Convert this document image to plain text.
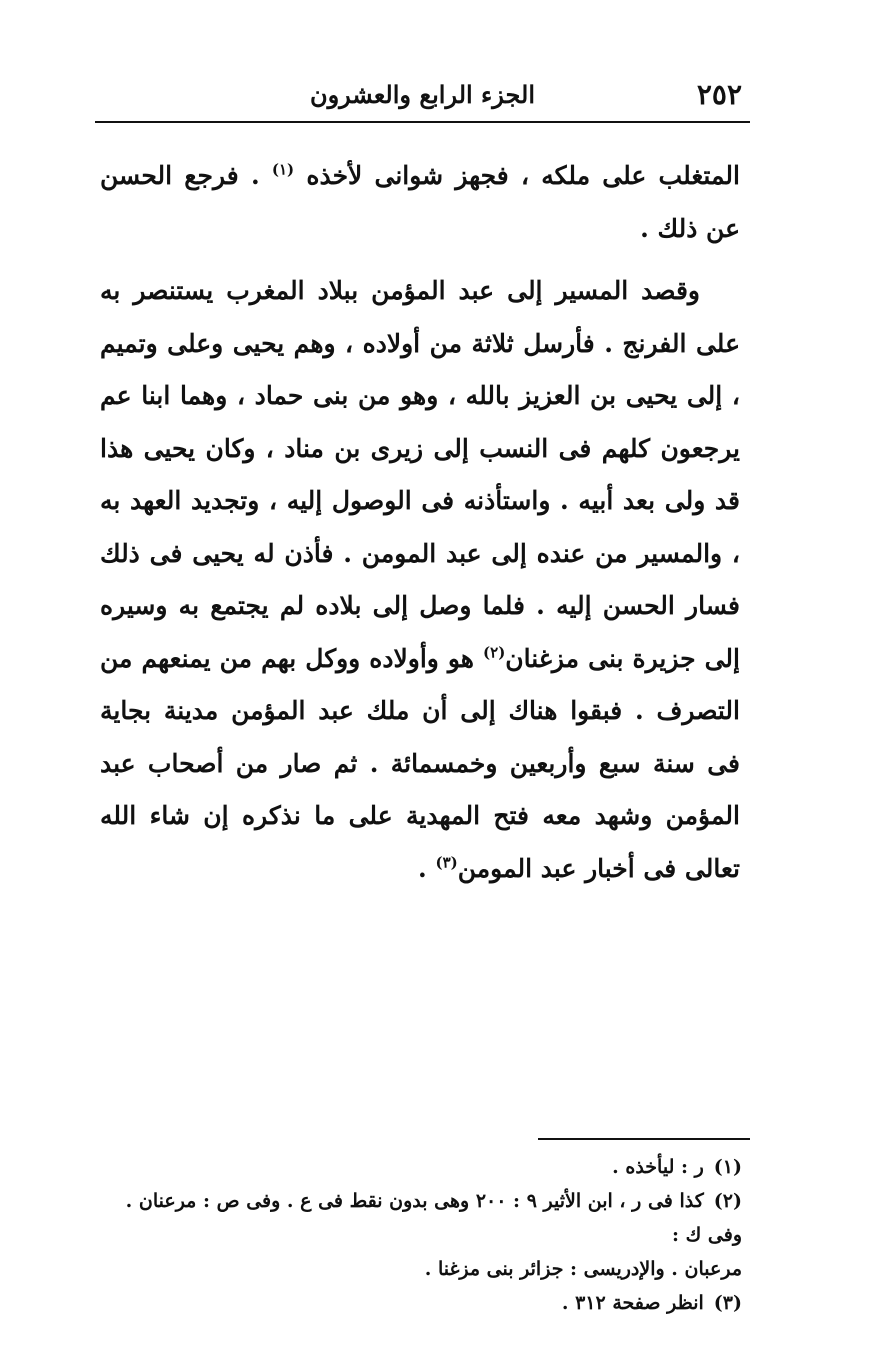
٢٥٢
الجزء الرابع والعشرون

المتغلب على ملكه ، فجهز شوانى لأخذه $^{(١)}$ . فرجع الحسن عن ذلك .

وقصد المسير إلى عبد المؤمن ببلاد المغرب يستنصر به على الفرنج . فأرسل ثلاثة من أولاده ، وهم يحيى وعلى وتميم ، إلى يحيى بن العزيز بالله ، وهو من بنى حماد ، وهما ابنا عم يرجعون كلهم فى النسب إلى زيرى بن مناد ، وكان يحيى هذا قد ولى بعد أبيه . واستأذنه فى الوصول إليه ، وتجديد العهد به ، والمسير من عنده إلى عبد المومن . فأذن له يحيى فى ذلك فسار الحسن إليه . فلما وصل إلى بلاده لم يجتمع به وسيره إلى جزيرة بنى مزغنان$^{(٢)}$ هو وأولاده ووكل بهم من يمنعهم من التصرف . فبقوا هناك إلى أن ملك عبد المؤمن مدينة بجاية فى سنة سبع وأربعين وخمسمائة . ثم صار من أصحاب عبد المؤمن وشهد معه فتح المهدية على ما نذكره إن شاء الله تعالى فى أخبار عبد المومن$^{(٣)}$ .

(١)ر : ليأخذه .

(٢)كذا فى ر ، ابن الأثير ٩ : ٢٠٠ وهى بدون نقط فى ع . وفى ص : مرعنان . وفى ك :

مرعبان . والإدريسى : جزائر بنى مزغنا .

(٣)انظر صفحة ٣١٢ .
